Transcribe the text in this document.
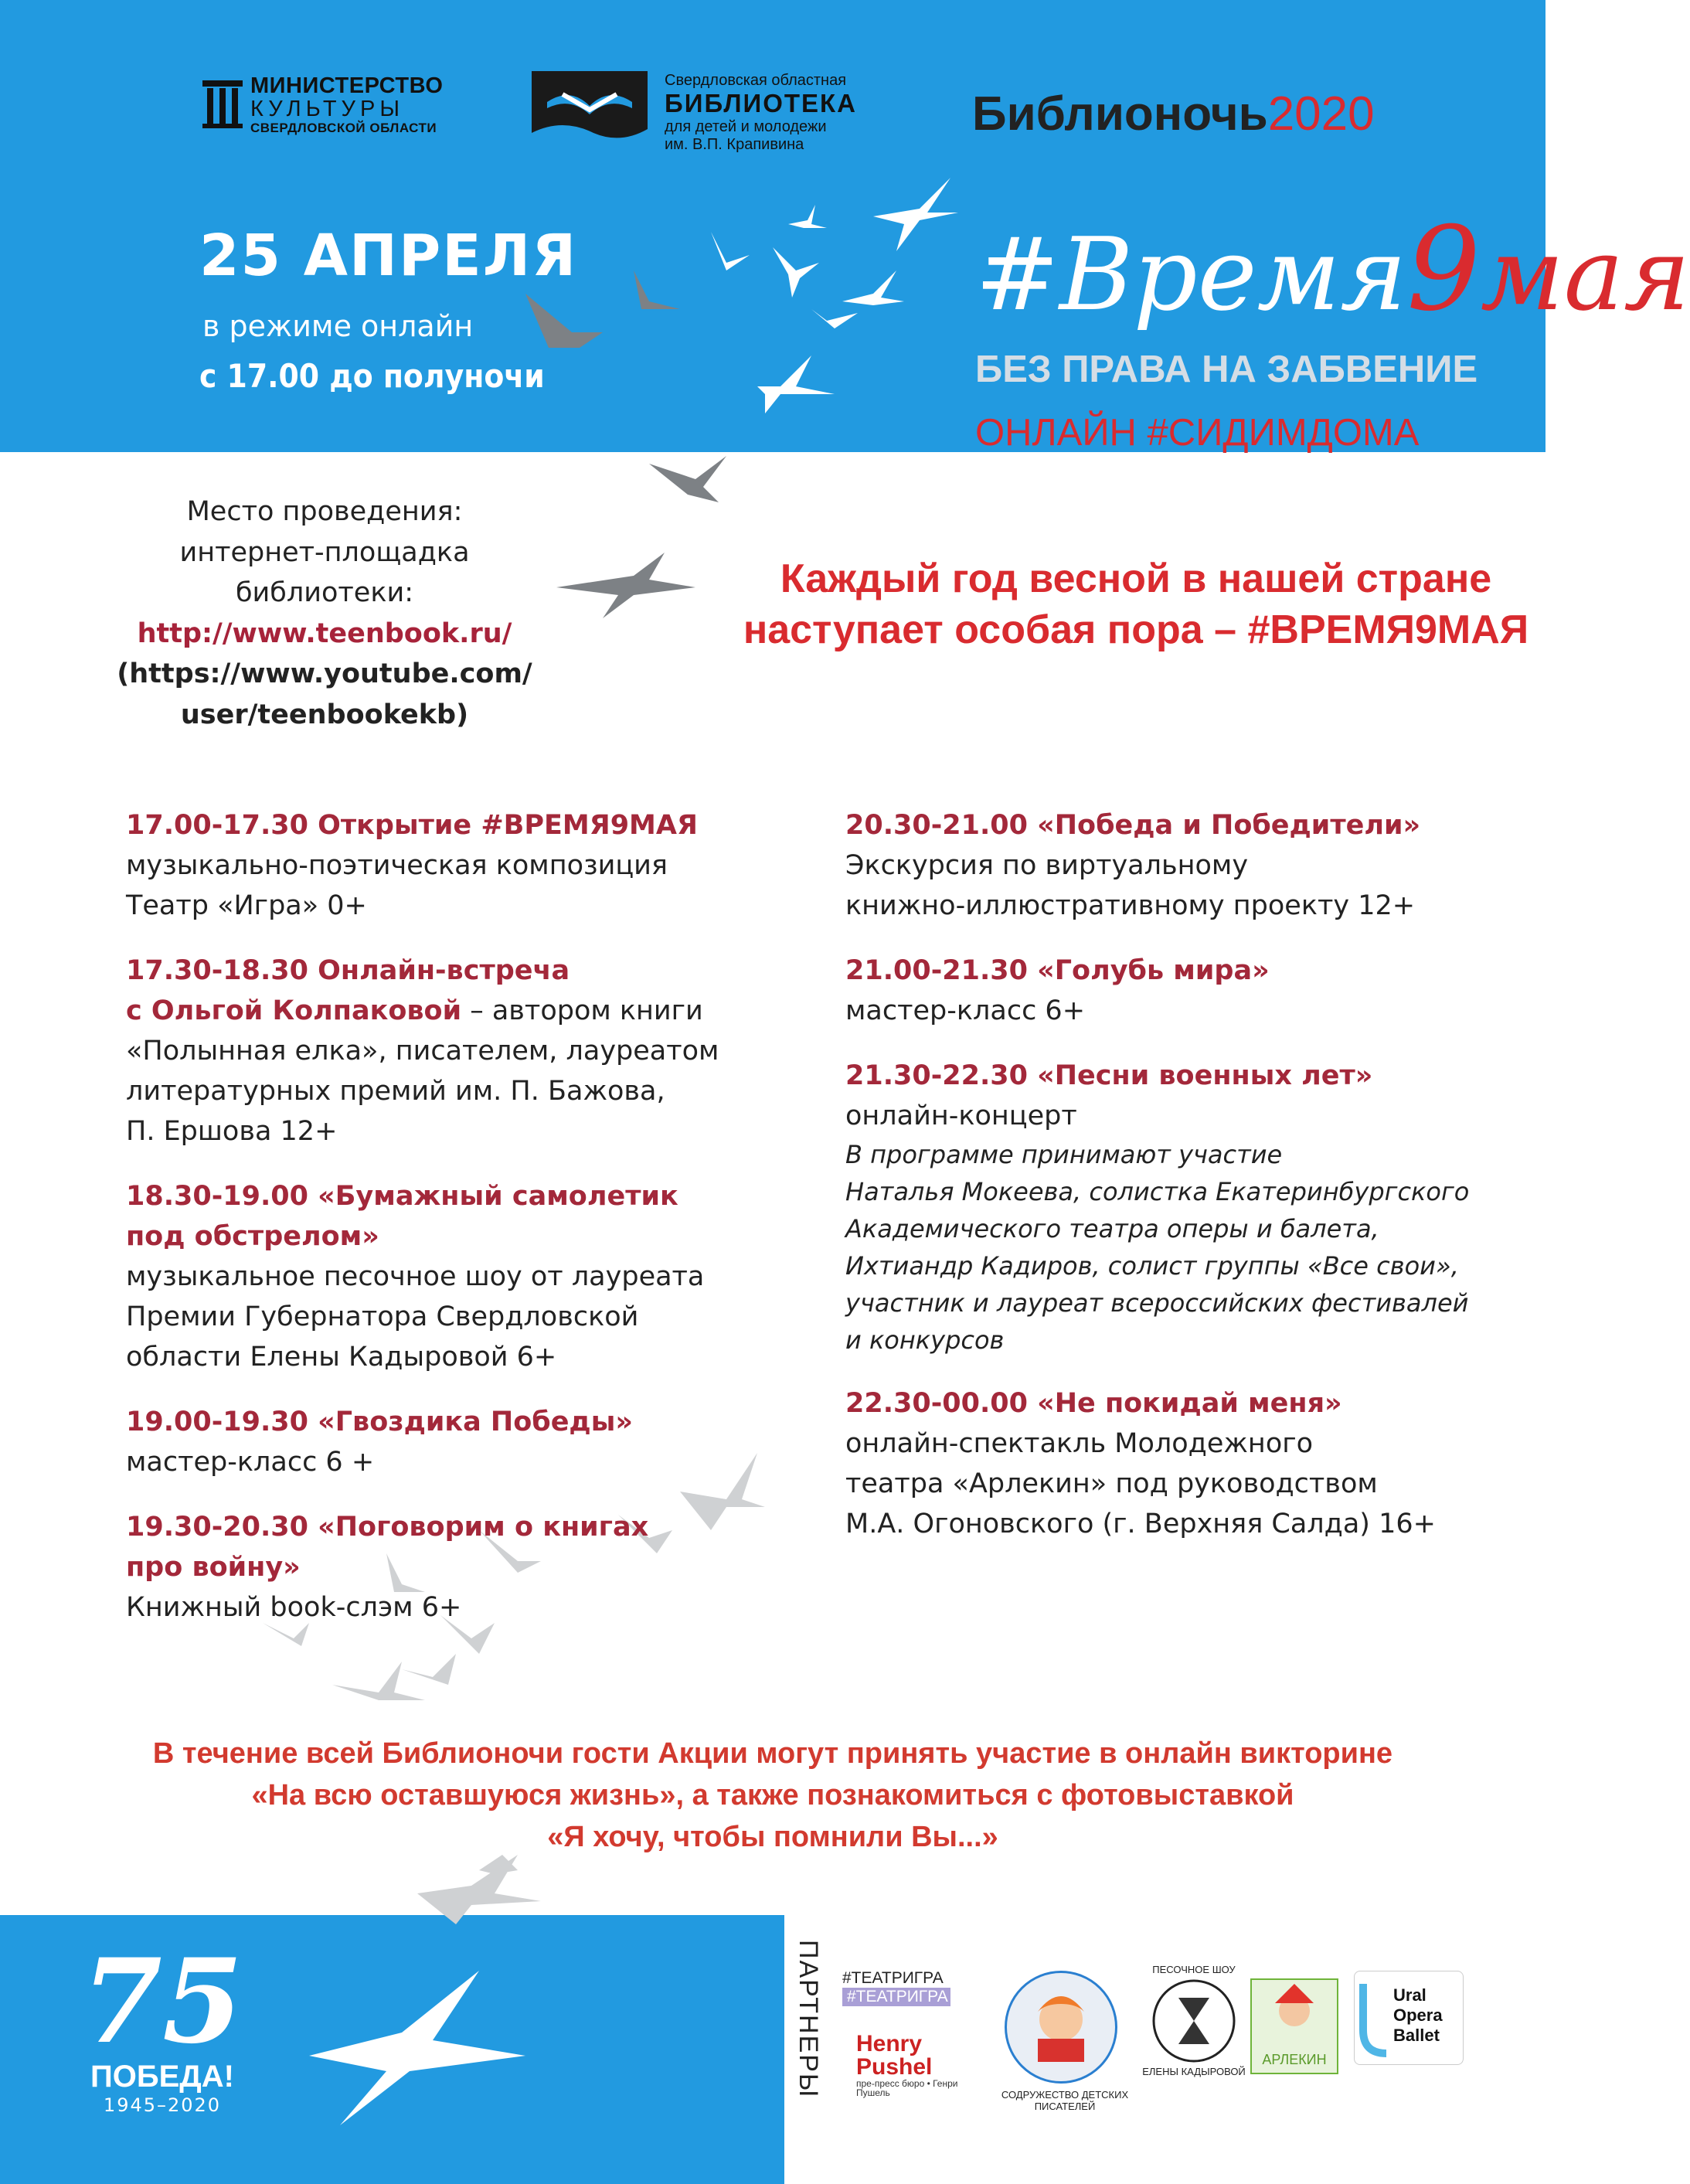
МИНИСТЕРСТВО
КУЛЬТУРЫ
СВЕРДЛОВСКОЙ ОБЛАСТИ
Свердловская областная
БИБЛИОТЕКА
для детей и молодежи
им. В.П. Крапивина
Библионочь2020
25 АПРЕЛЯ
в режиме онлайн
с 17.00 до полуночи
#Время9мая
БЕЗ ПРАВА НА ЗАБВЕНИЕ
ОНЛАЙН #СИДИМДОМА
Место проведения:
интернет-площадка библиотеки:
http://www.teenbook.ru/
(https://www.youtube.com/
user/teenbookekb)
Каждый год весной в нашей стране
наступает особая пора – #ВРЕМЯ9МАЯ
17.00-17.30 Открытие #ВРЕМЯ9МАЯ
музыкально-поэтическая композиция
Театр «Игра» 0+
17.30-18.30 Онлайн-встреча
с Ольгой Колпаковой – автором книги
«Полынная елка», писателем, лауреатом
литературных премий им. П. Бажова,
П. Ершова 12+
18.30-19.00 «Бумажный самолетик
под обстрелом»
музыкальное песочное шоу от лауреата
Премии Губернатора Свердловской
области Елены Кадыровой 6+
19.00-19.30 «Гвоздика Победы»
мастер-класс 6 +
19.30-20.30 «Поговорим о книгах
про войну»
Книжный book-слэм 6+
20.30-21.00 «Победа и Победители»
Экскурсия по виртуальному
книжно-иллюстративному проекту 12+
21.00-21.30 «Голубь мира»
мастер-класс 6+
21.30-22.30 «Песни военных лет»
онлайн-концерт
В программе принимают участие
Наталья Мокеева, солистка Екатеринбургского
Академического театра оперы и балета,
Ихтиандр Кадиров, солист группы «Все свои»,
участник и лауреат всероссийских фестивалей
и конкурсов
22.30-00.00 «Не покидай меня»
онлайн-спектакль Молодежного
театра «Арлекин» под руководством
М.А. Огоновского (г. Верхняя Салда) 16+
В течение всей Библионочи гости Акции могут принять участие в онлайн викторине
«На всю оставшуюся жизнь», а также познакомиться с фотовыставкой
«Я хочу, чтобы помнили Вы...»
75
ПОБЕДА!
1945–2020
ПАРТНЕРЫ #ТЕАТРИГРА
#ТЕАТРИГРА
Henry Pushel
пре-пресс бюро • Генри Пушель	СОДРУЖЕСТВО ДЕТСКИХ ПИСАТЕЛЕЙ
ПЕСОЧНОЕ ШОУ
ЕЛЕНЫ КАДЫРОВОЙ
АРЛЕКИН
Ural
Opera
Ballet
